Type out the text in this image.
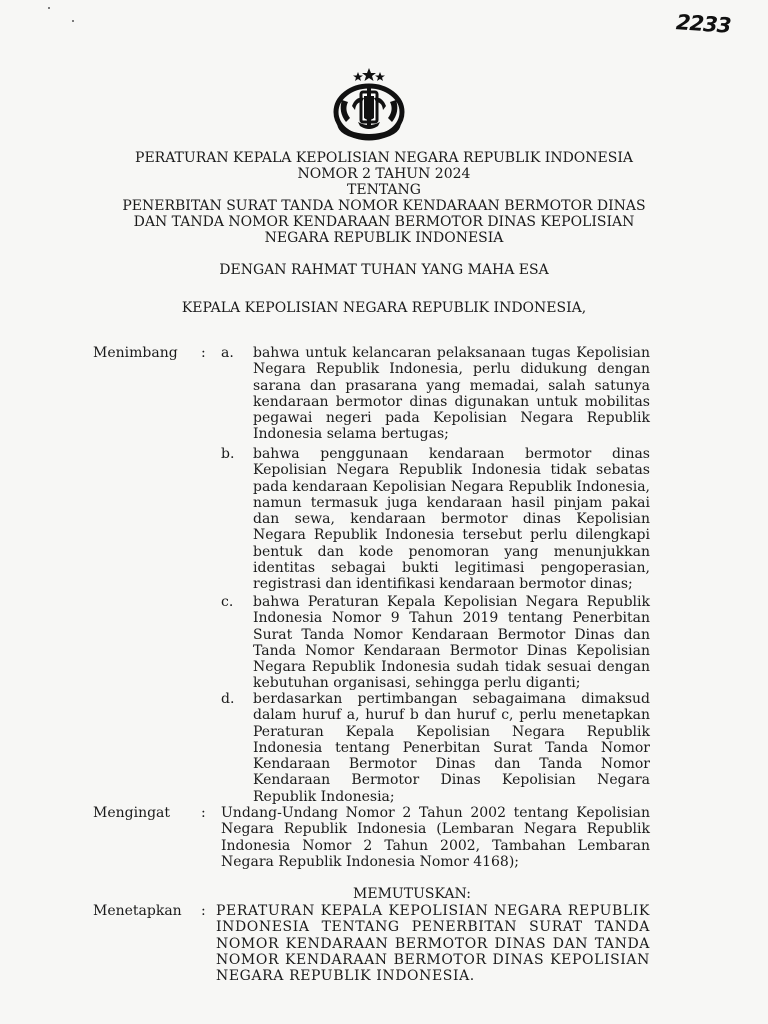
2233
PERATURAN KEPALA KEPOLISIAN NEGARA REPUBLIK INDONESIA
NOMOR 2 TAHUN 2024
TENTANG
PENERBITAN SURAT TANDA NOMOR KENDARAAN BERMOTOR DINAS
DAN TANDA NOMOR KENDARAAN BERMOTOR DINAS KEPOLISIAN
NEGARA REPUBLIK INDONESIA
DENGAN RAHMAT TUHAN YANG MAHA ESA
KEPALA KEPOLISIAN NEGARA REPUBLIK INDONESIA,
Menimbang : a. bahwa untuk kelancaran pelaksanaan tugas Kepolisian Negara Republik Indonesia, perlu didukung dengan sarana dan prasarana yang memadai, salah satunya kendaraan bermotor dinas digunakan untuk mobilitas pegawai negeri pada Kepolisian Negara Republik Indonesia selama bertugas;
b. bahwa penggunaan kendaraan bermotor dinas Kepolisian Negara Republik Indonesia tidak sebatas pada kendaraan Kepolisian Negara Republik Indonesia, namun termasuk juga kendaraan hasil pinjam pakai dan sewa, kendaraan bermotor dinas Kepolisian Negara Republik Indonesia tersebut perlu dilengkapi bentuk dan kode penomoran yang menunjukkan identitas sebagai bukti legitimasi pengoperasian, registrasi dan identifikasi kendaraan bermotor dinas;
c. bahwa Peraturan Kepala Kepolisian Negara Republik Indonesia Nomor 9 Tahun 2019 tentang Penerbitan Surat Tanda Nomor Kendaraan Bermotor Dinas dan Tanda Nomor Kendaraan Bermotor Dinas Kepolisian Negara Republik Indonesia sudah tidak sesuai dengan kebutuhan organisasi, sehingga perlu diganti;
d. berdasarkan pertimbangan sebagaimana dimaksud dalam huruf a, huruf b dan huruf c, perlu menetapkan Peraturan Kepala Kepolisian Negara Republik Indonesia tentang Penerbitan Surat Tanda Nomor Kendaraan Bermotor Dinas dan Tanda Nomor Kendaraan Bermotor Dinas Kepolisian Negara Republik Indonesia;
Mengingat : Undang-Undang Nomor 2 Tahun 2002 tentang Kepolisian Negara Republik Indonesia (Lembaran Negara Republik Indonesia Nomor 2 Tahun 2002, Tambahan Lembaran Negara Republik Indonesia Nomor 4168);
MEMUTUSKAN:
Menetapkan : PERATURAN KEPALA KEPOLISIAN NEGARA REPUBLIK INDONESIA TENTANG PENERBITAN SURAT TANDA NOMOR KENDARAAN BERMOTOR DINAS DAN TANDA NOMOR KENDARAAN BERMOTOR DINAS KEPOLISIAN NEGARA REPUBLIK INDONESIA.
